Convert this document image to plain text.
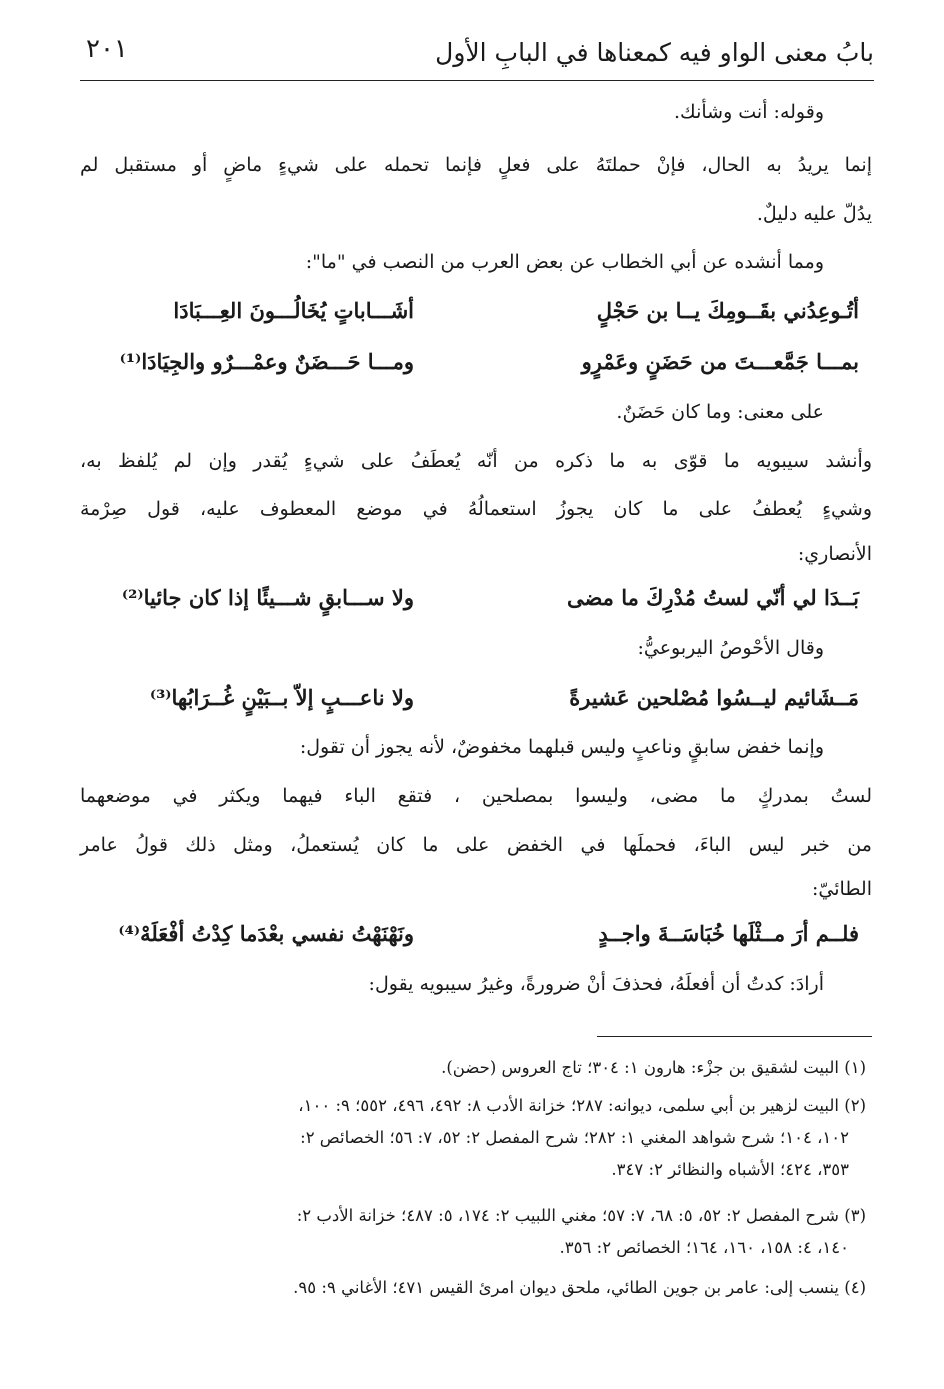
بابُ معنى الواو فيه كمعناها في البابِ الأول
٢٠١
وقوله: أنت وشأنك.
إنما يريدُ به الحال، فإنْ حملتَهُ على فعلٍ فإنما تحمله على شيءٍ ماضٍ أو مستقبل لم
يدُلّ عليه دليلٌ.
ومما أنشده عن أبي الخطاب عن بعض العرب من النصب في "ما":
أتُـوعِدُني بقَــومِكَ يــا بن حَجْلٍ
أشَـــاباتٍ يُخَالُـــونَ العِـــبَادَا
بمـــا جَمَّعـــتَ من حَضَنٍ وعَمْرٍو
ومـــا حَـــضَنٌ وعمْـــرٌو والجِيَادَا⁽¹⁾
على معنى: وما كان حَضَنٌ.
وأنشد سيبويه ما قوّى به ما ذكره من أنّه يُعطَفُ على شيءٍ يُقدر وإن لم يُلفظ به،
وشيءٍ يُعطفُ على ما كان يجوزُ استعمالُهُ في موضع المعطوف عليه، قول صِرْمة
الأنصاري:
بَــدَا لي أنّي لستُ مُدْرِكَ ما مضى
ولا ســـابقٍ شـــيئًا إذا كان جائيا⁽²⁾
وقال الأحْوصُ اليربوعيُّ:
مَــشَائيم ليــسُوا مُصْلحين عَشيرةً
ولا ناعـــبٍ إلاّ بــبَيْنٍ غُــرَابُها⁽³⁾
وإنما خفض سابقٍ وناعبٍ وليس قبلهما مخفوضٌ، لأنه يجوز أن تقول:
لستُ بمدركٍ ما مضى، وليسوا بمصلحين ، فتقع الباء فيهما ويكثر في موضعهما
من خبر ليس الباءَ، فحملَها في الخفض على ما كان يُستعملُ، ومثل ذلك قولُ عامر
الطائيّ:
فلــم أرَ مــثْلَها خُبَاسَــةَ واجــدٍ
ونَهْنَهْتُ نفسي بعْدَما كِدْتُ أفْعَلَهْ⁽⁴⁾
أرادَ: كدتُ أن أفعلَهُ، فحذفَ أنْ ضرورةً، وغيرُ سيبويه يقول:
(١) البيت لشقيق بن جزْء: هارون ١: ٣٠٤؛ تاج العروس (حضن).
(٢) البيت لزهير بن أبي سلمى، ديوانه: ٢٨٧؛ خزانة الأدب ٨: ٤٩٢، ٤٩٦، ٥٥٢؛ ٩: ١٠٠،
١٠٢، ١٠٤؛ شرح شواهد المغني ١: ٢٨٢؛ شرح المفصل ٢: ٥٢، ٧: ٥٦؛ الخصائص ٢:
٣٥٣، ٤٢٤؛ الأشباه والنظائر ٢: ٣٤٧.
(٣) شرح المفصل ٢: ٥٢، ٥: ٦٨، ٧: ٥٧؛ مغني اللبيب ٢: ١٧٤، ٥: ٤٨٧؛ خزانة الأدب ٢:
١٤٠، ٤: ١٥٨، ١٦٠، ١٦٤؛ الخصائص ٢: ٣٥٦.
(٤) ينسب إلى: عامر بن جوين الطائي، ملحق ديوان امرئ القيس ٤٧١؛ الأغاني ٩: ٩٥.
